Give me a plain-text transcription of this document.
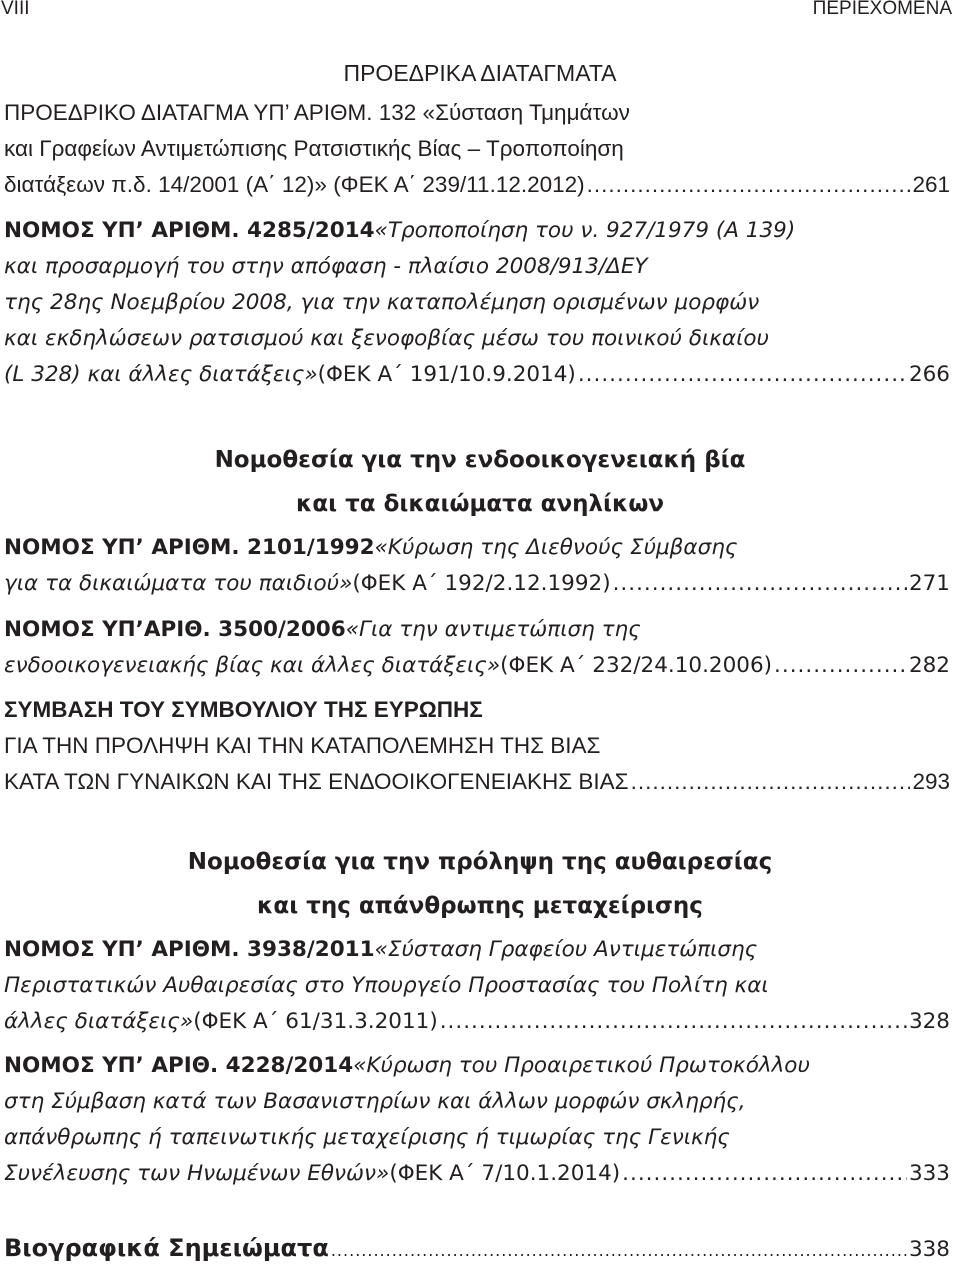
VIII	ΠΕΡΙΕΧΟΜΕΝΑ
ΠΡΟΕΔΡΙΚΑ ΔΙΑΤΑΓΜΑΤΑ
ΠΡΟΕΔΡΙΚΟ ΔΙΑΤΑΓΜΑ ΥΠ’ ΑΡΙΘΜ. 132 «Σύσταση Τμημάτων
και Γραφείων Αντιμετώπισης Ρατσιστικής Βίας – Τροποποίηση
διατάξεων π.δ. 14/2001 (Α΄ 12)» (ΦΕΚ Α΄ 239/11.12.2012) .....	261
ΝΟΜΟΣ ΥΠ’ ΑΡΙΘΜ. 4285/2014 «Τροποποίηση του ν. 927/1979 (Α 139)
και προσαρμογή του στην απόφαση - πλαίσιο 2008/913/ΔΕΥ
της 28ης Νοεμβρίου 2008, για την καταπολέμηση ορισμένων μορφών
και εκδηλώσεων ρατσισμού και ξενοφοβίας μέσω του ποινικού δικαίου
(L 328) και άλλες διατάξεις» (ΦΕΚ Α΄ 191/10.9.2014) .....	266
Νομοθεσία για την ενδοοικογενειακή βία
και τα δικαιώματα ανηλίκων
ΝΟΜΟΣ ΥΠ’ ΑΡΙΘΜ. 2101/1992 «Κύρωση της Διεθνούς Σύμβασης
για τα δικαιώματα του παιδιού» (ΦΕΚ Α΄ 192/2.12.1992) .....	271
ΝΟΜΟΣ ΥΠ’ΑΡΙΘ. 3500/2006 «Για την αντιμετώπιση της
ενδοοικογενειακής βίας και άλλες διατάξεις» (ΦΕΚ Α΄ 232/24.10.2006) .....	282
ΣΥΜΒΑΣΗ ΤΟΥ ΣΥΜΒΟΥΛΙΟΥ ΤΗΣ ΕΥΡΩΠΗΣ
ΓΙΑ ΤΗΝ ΠΡΟΛΗΨΗ ΚΑΙ ΤΗΝ ΚΑΤΑΠΟΛΕΜΗΣΗ ΤΗΣ ΒΙΑΣ
ΚΑΤΑ ΤΩΝ ΓΥΝΑΙΚΩΝ ΚΑΙ ΤΗΣ ΕΝΔΟΟΙΚΟΓΕΝΕΙΑΚΗΣ ΒΙΑΣ .....	293
Νομοθεσία για την πρόληψη της αυθαιρεσίας
και της απάνθρωπης μεταχείρισης
ΝΟΜΟΣ ΥΠ’ ΑΡΙΘΜ. 3938/2011 «Σύσταση Γραφείου Αντιμετώπισης
Περιστατικών Αυθαιρεσίας στο Υπουργείο Προστασίας του Πολίτη και
άλλες διατάξεις» (ΦΕΚ Α΄ 61/31.3.2011) .....	328
ΝΟΜΟΣ ΥΠ’ ΑΡΙΘ. 4228/2014 «Κύρωση του Προαιρετικού Πρωτοκόλλου
στη Σύμβαση κατά των Βασανιστηρίων και άλλων μορφών σκληρής,
απάνθρωπης ή ταπεινωτικής μεταχείρισης ή τιμωρίας της Γενικής
Συνέλευσης των Ηνωμένων Εθνών» (ΦΕΚ Α΄ 7/10.1.2014) .....	333
Βιογραφικά Σημειώματα .....	338
